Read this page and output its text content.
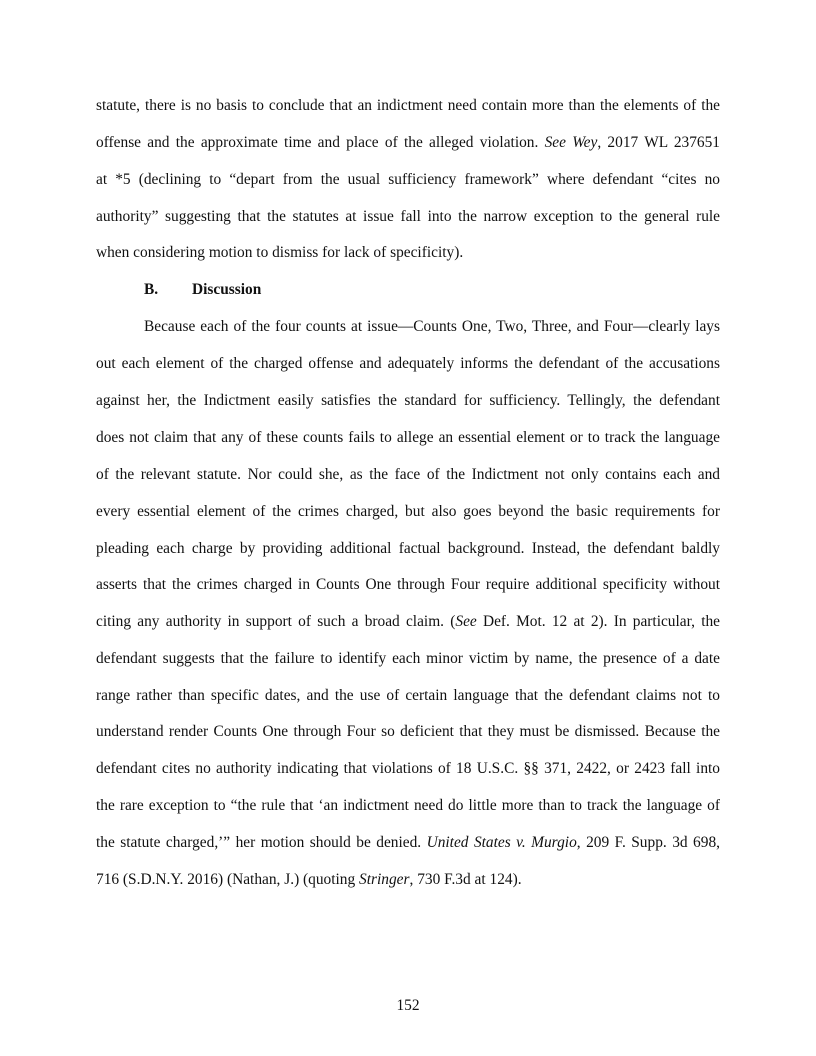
statute, there is no basis to conclude that an indictment need contain more than the elements of the
offense and the approximate time and place of the alleged violation. See Wey, 2017 WL 237651
at *5 (declining to “depart from the usual sufficiency framework” where defendant “cites no
authority” suggesting that the statutes at issue fall into the narrow exception to the general rule
when considering motion to dismiss for lack of specificity).
B. Discussion
Because each of the four counts at issue—Counts One, Two, Three, and Four—clearly lays
out each element of the charged offense and adequately informs the defendant of the accusations
against her, the Indictment easily satisfies the standard for sufficiency. Tellingly, the defendant
does not claim that any of these counts fails to allege an essential element or to track the language
of the relevant statute. Nor could she, as the face of the Indictment not only contains each and
every essential element of the crimes charged, but also goes beyond the basic requirements for
pleading each charge by providing additional factual background. Instead, the defendant baldly
asserts that the crimes charged in Counts One through Four require additional specificity without
citing any authority in support of such a broad claim. (See Def. Mot. 12 at 2). In particular, the
defendant suggests that the failure to identify each minor victim by name, the presence of a date
range rather than specific dates, and the use of certain language that the defendant claims not to
understand render Counts One through Four so deficient that they must be dismissed. Because the
defendant cites no authority indicating that violations of 18 U.S.C. §§ 371, 2422, or 2423 fall into
the rare exception to “the rule that ‘an indictment need do little more than to track the language of
the statute charged,’” her motion should be denied. United States v. Murgio, 209 F. Supp. 3d 698,
716 (S.D.N.Y. 2016) (Nathan, J.) (quoting Stringer, 730 F.3d at 124).
152
